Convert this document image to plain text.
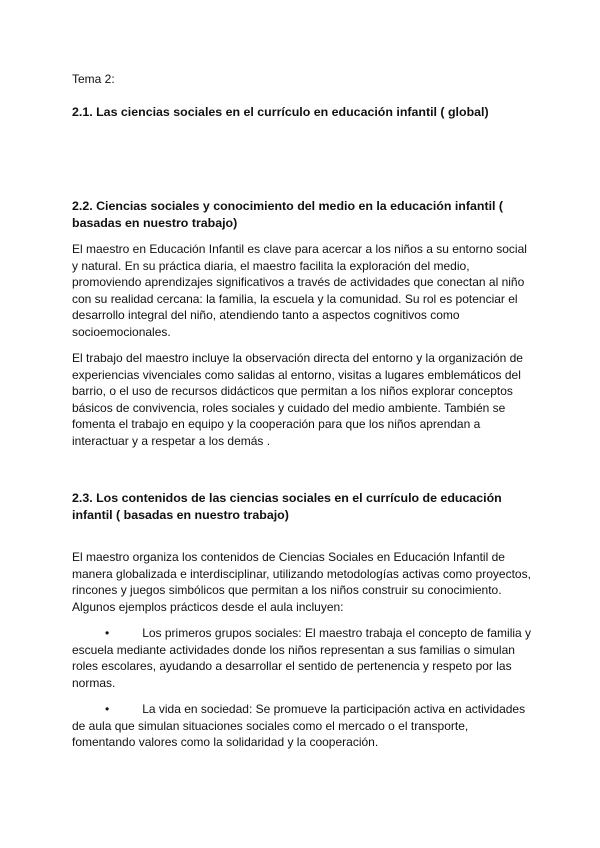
Tema 2:
2.1. Las ciencias sociales en el currículo en educación infantil ( global)
2.2. Ciencias sociales y conocimiento del medio en la educación infantil ( basadas en nuestro trabajo)

El maestro en Educación Infantil es clave para acercar a los niños a su entorno social y natural. En su práctica diaria, el maestro facilita la exploración del medio, promoviendo aprendizajes significativos a través de actividades que conectan al niño con su realidad cercana: la familia, la escuela y la comunidad. Su rol es potenciar el desarrollo integral del niño, atendiendo tanto a aspectos cognitivos como socioemocionales.

El trabajo del maestro incluye la observación directa del entorno y la organización de experiencias vivenciales como salidas al entorno, visitas a lugares emblemáticos del barrio, o el uso de recursos didácticos que permitan a los niños explorar conceptos básicos de convivencia, roles sociales y cuidado del medio ambiente. También se fomenta el trabajo en equipo y la cooperación para que los niños aprendan a interactuar y a respetar a los demás .

2.3. Los contenidos de las ciencias sociales en el currículo de educación infantil ( basadas en nuestro trabajo)

El maestro organiza los contenidos de Ciencias Sociales en Educación Infantil de manera globalizada e interdisciplinar, utilizando metodologías activas como proyectos, rincones y juegos simbólicos que permitan a los niños construir su conocimiento. Algunos ejemplos prácticos desde el aula incluyen:

•	Los primeros grupos sociales: El maestro trabaja el concepto de familia y escuela mediante actividades donde los niños representan a sus familias o simulan roles escolares, ayudando a desarrollar el sentido de pertenencia y respeto por las normas.

•	La vida en sociedad: Se promueve la participación activa en actividades de aula que simulan situaciones sociales como el mercado o el transporte, fomentando valores como la solidaridad y la cooperación.
